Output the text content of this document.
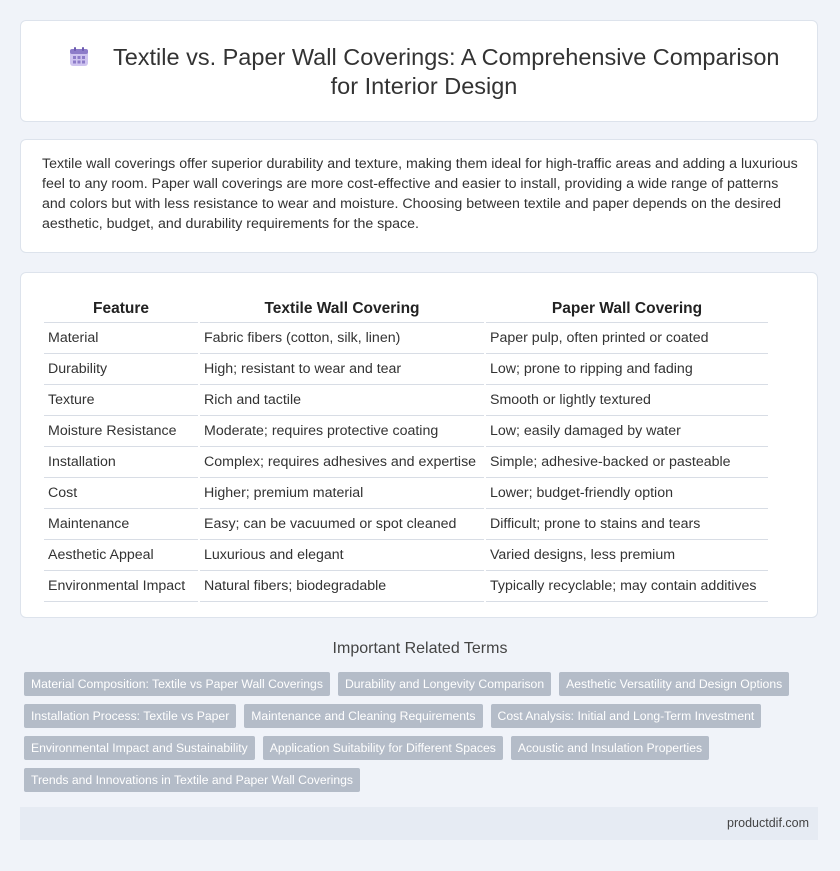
Textile vs. Paper Wall Coverings: A Comprehensive Comparison for Interior Design

Textile wall coverings offer superior durability and texture, making them ideal for high-traffic areas and adding a luxurious feel to any room. Paper wall coverings are more cost-effective and easier to install, providing a wide range of patterns and colors but with less resistance to wear and moisture. Choosing between textile and paper depends on the desired aesthetic, budget, and durability requirements for the space.

Feature	Textile Wall Covering	Paper Wall Covering
Material	Fabric fibers (cotton, silk, linen)	Paper pulp, often printed or coated
Durability	High; resistant to wear and tear	Low; prone to ripping and fading
Texture	Rich and tactile	Smooth or lightly textured
Moisture Resistance	Moderate; requires protective coating	Low; easily damaged by water
Installation	Complex; requires adhesives and expertise	Simple; adhesive-backed or pasteable
Cost	Higher; premium material	Lower; budget-friendly option
Maintenance	Easy; can be vacuumed or spot cleaned	Difficult; prone to stains and tears
Aesthetic Appeal	Luxurious and elegant	Varied designs, less premium
Environmental Impact	Natural fibers; biodegradable	Typically recyclable; may contain additives
Important Related Terms
Material Composition: Textile vs Paper Wall Coverings	Durability and Longevity Comparison	Aesthetic Versatility and Design Options
Installation Process: Textile vs Paper	Maintenance and Cleaning Requirements	Cost Analysis: Initial and Long-Term Investment
Environmental Impact and Sustainability	Application Suitability for Different Spaces	Acoustic and Insulation Properties
Trends and Innovations in Textile and Paper Wall Coverings
productdif.com
